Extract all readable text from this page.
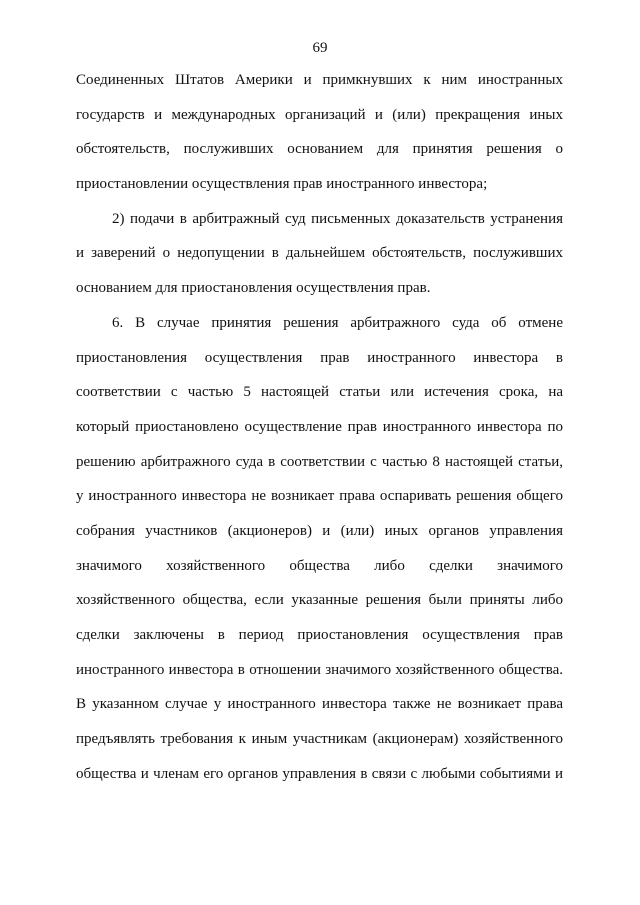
69
Соединенных Штатов Америки и примкнувших к ним иностранных
государств и международных организаций и (или) прекращения иных
обстоятельств, послуживших основанием для принятия решения о
приостановлении осуществления прав иностранного инвестора;
2) подачи в арбитражный суд письменных доказательств устранения
и заверений о недопущении в дальнейшем обстоятельств, послуживших
основанием для приостановления осуществления прав.
6. В случае принятия решения арбитражного суда об отмене
приостановления осуществления прав иностранного инвестора в
соответствии с частью 5 настоящей статьи или истечения срока, на
который приостановлено осуществление прав иностранного инвестора по
решению арбитражного суда в соответствии с частью 8 настоящей статьи,
у иностранного инвестора не возникает права оспаривать решения общего
собрания участников (акционеров) и (или) иных органов управления
значимого хозяйственного общества либо сделки значимого
хозяйственного общества, если указанные решения были приняты либо
сделки заключены в период приостановления осуществления прав
иностранного инвестора в отношении значимого хозяйственного общества.
В указанном случае у иностранного инвестора также не возникает права
предъявлять требования к иным участникам (акционерам) хозяйственного
общества и членам его органов управления в связи с любыми событиями и
